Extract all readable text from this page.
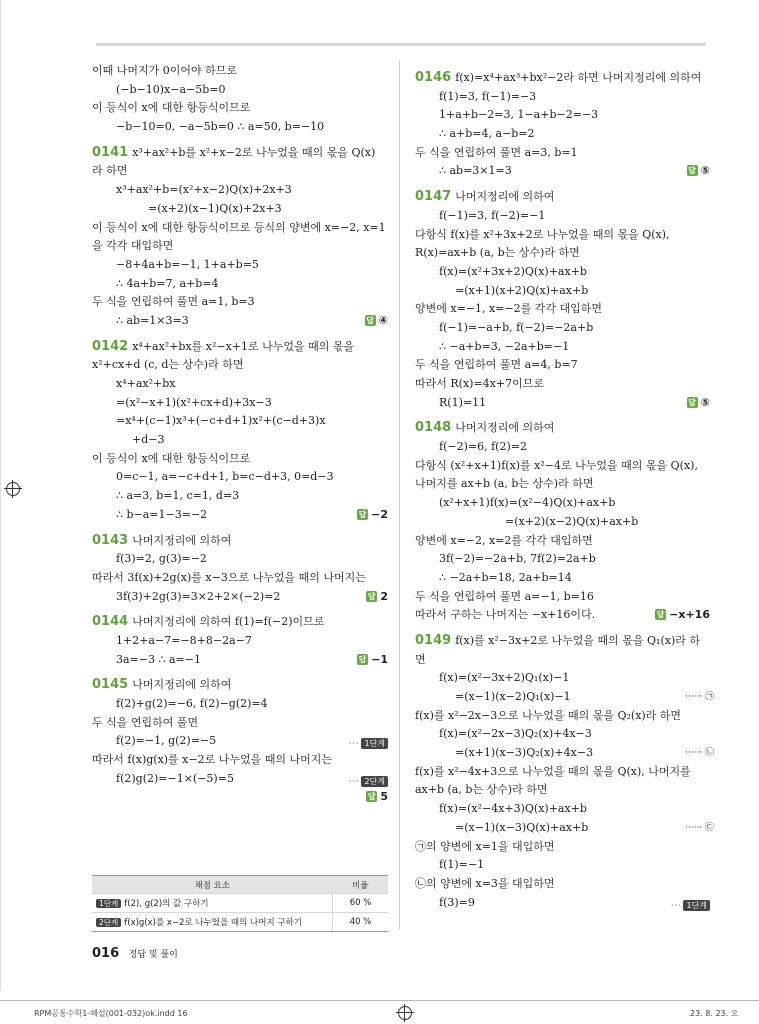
이때 나머지가 0이어야 하므로
(−b−10)x−a−5b=0
이 등식이 x에 대한 항등식이므로
−b−10=0, −a−5b=0 ∴ a=50, b=−10
0141 x³+ax²+b를 x²+x−2로 나누었을 때의 몫을 Q(x)
라 하면
x³+ax²+b=(x²+x−2)Q(x)+2x+3
=(x+2)(x−1)Q(x)+2x+3
이 등식이 x에 대한 항등식이므로 등식의 양변에 x=−2, x=1
을 각각 대입하면
−8+4a+b=−1, 1+a+b=5
∴ 4a+b=7, a+b=4
두 식을 연립하여 풀면 a=1, b=3
∴ ab=1×3=3	답 ④
0142 x⁴+ax²+bx를 x²−x+1로 나누었을 때의 몫을
x²+cx+d (c, d는 상수)라 하면
x⁴+ax²+bx
=(x²−x+1)(x²+cx+d)+3x−3
=x⁴+(c−1)x³+(−c+d+1)x²+(c−d+3)x
+d−3
이 등식이 x에 대한 항등식이므로
0=c−1, a=−c+d+1, b=c−d+3, 0=d−3
∴ a=3, b=1, c=1, d=3
∴ b−a=1−3=−2	답 −2
0143 나머지정리에 의하여
f(3)=2, g(3)=−2
따라서 3f(x)+2g(x)를 x−3으로 나누었을 때의 나머지는
3f(3)+2g(3)=3×2+2×(−2)=2	답 2
0144 나머지정리에 의하여 f(1)=f(−2)이므로
1+2+a−7=−8+8−2a−7
3a=−3 ∴ a=−1	답 −1
0145 나머지정리에 의하여
f(2)+g(2)=−6, f(2)−g(2)=4
두 식을 연립하여 풀면
f(2)=−1, g(2)=−5	··· 1단계
따라서 f(x)g(x)를 x−2로 나누었을 때의 나머지는
f(2)g(2)=−1×(−5)=5	··· 2단계
답 5
0146 f(x)=x⁴+ax³+bx²−2라 하면 나머지정리에 의하여
f(1)=3, f(−1)=−3
1+a+b−2=3, 1−a+b−2=−3
∴ a+b=4, a−b=2
두 식을 연립하여 풀면 a=3, b=1
∴ ab=3×1=3	답 ⑤
0147 나머지정리에 의하여
f(−1)=3, f(−2)=−1
다항식 f(x)를 x²+3x+2로 나누었을 때의 몫을 Q(x),
R(x)=ax+b (a, b는 상수)라 하면
f(x)=(x²+3x+2)Q(x)+ax+b
=(x+1)(x+2)Q(x)+ax+b
양변에 x=−1, x=−2를 각각 대입하면
f(−1)=−a+b, f(−2)=−2a+b
∴ −a+b=3, −2a+b=−1
두 식을 연립하여 풀면 a=4, b=7
따라서 R(x)=4x+7이므로
R(1)=11	답 ⑤
0148 나머지정리에 의하여
f(−2)=6, f(2)=2
다항식 (x²+x+1)f(x)를 x²−4로 나누었을 때의 몫을 Q(x),
나머지를 ax+b (a, b는 상수)라 하면
(x²+x+1)f(x)=(x²−4)Q(x)+ax+b
=(x+2)(x−2)Q(x)+ax+b
양변에 x=−2, x=2를 각각 대입하면
3f(−2)=−2a+b, 7f(2)=2a+b
∴ −2a+b=18, 2a+b=14
두 식을 연립하여 풀면 a=−1, b=16
따라서 구하는 나머지는 −x+16이다.	답 −x+16
0149 f(x)를 x²−3x+2로 나누었을 때의 몫을 Q₁(x)라 하
면
f(x)=(x²−3x+2)Q₁(x)−1
=(x−1)(x−2)Q₁(x)−1	······ ㉠
f(x)를 x²−2x−3으로 나누었을 때의 몫을 Q₂(x)라 하면
f(x)=(x²−2x−3)Q₂(x)+4x−3
=(x+1)(x−3)Q₂(x)+4x−3	······ ㉡
f(x)를 x²−4x+3으로 나누었을 때의 몫을 Q(x), 나머지를
ax+b (a, b는 상수)라 하면
f(x)=(x²−4x+3)Q(x)+ax+b
=(x−1)(x−3)Q(x)+ax+b	······ ㉢
㉠의 양변에 x=1을 대입하면
f(1)=−1
㉡의 양변에 x=3을 대입하면
f(3)=9	··· 1단계
채점 요소	비율
1단계 f(2), g(2)의 값 구하기	60 %
2단계 f(x)g(x)를 x−2로 나누었을 때의 나머지 구하기	40 %
016 정답 및 풀이
RPM공통수학1-해설(001-032)ok.indd 16	23. 8. 23. 오
